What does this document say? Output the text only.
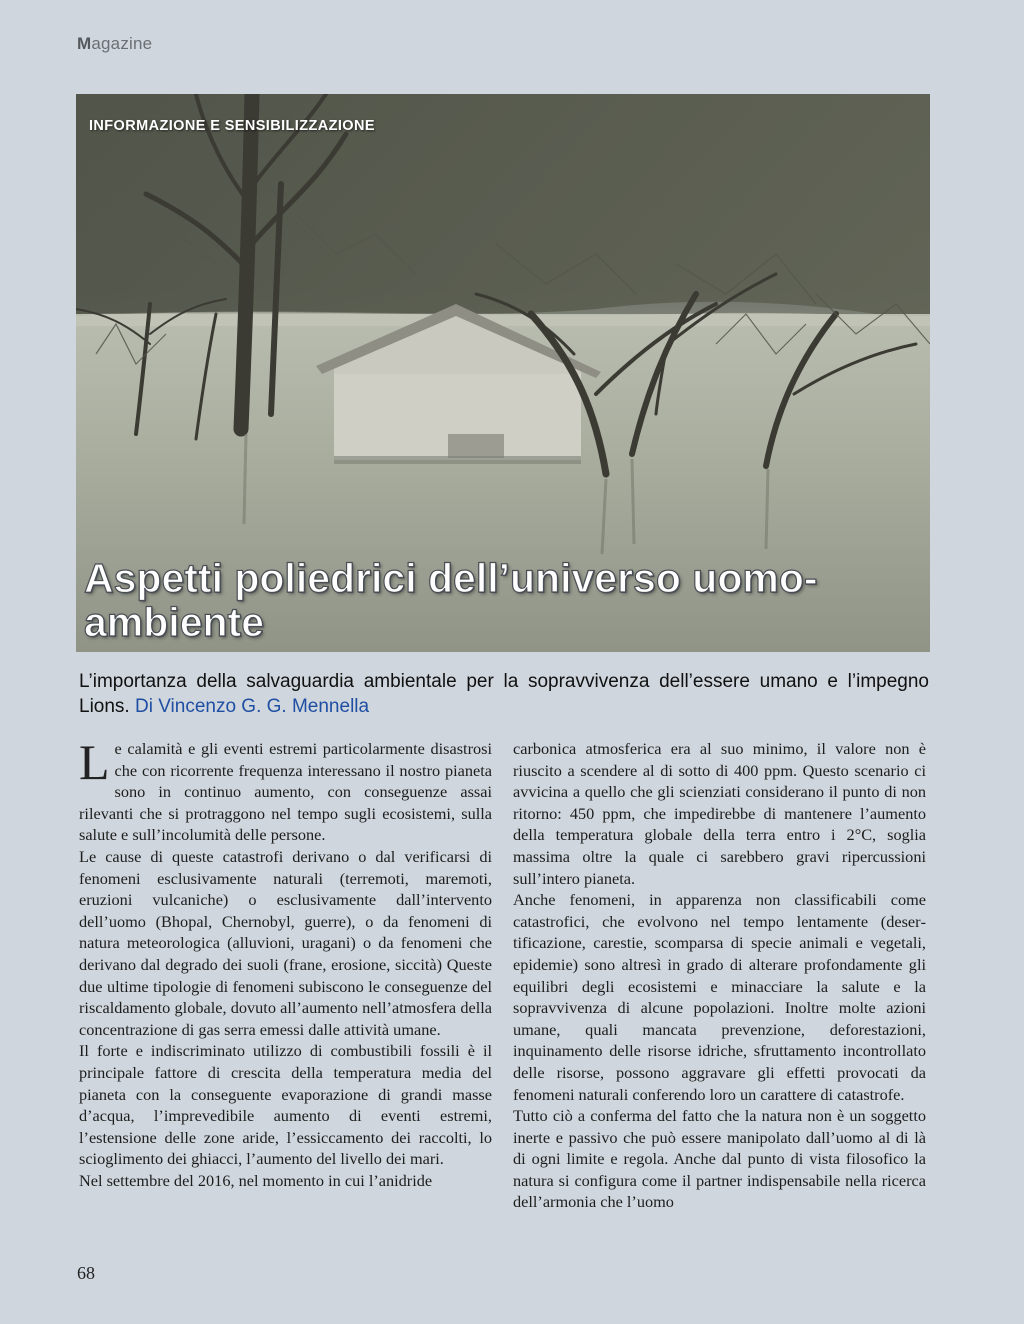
Magazine
INFORMAZIONE E SENSIBILIZZAZIONE
Aspetti poliedrici dell’universo uomo-ambiente
L’importanza della salvaguardia ambientale per la sopravvivenza dell’essere umano e l’impegno Lions. Di Vincenzo G. G. Mennella

Le calamità e gli eventi estremi particolarmente disastrosi che con ricorrente frequenza interessano il nostro pianeta sono in continuo aumento, con conseguenze assai rilevanti che si protraggono nel tempo sugli ecosistemi, sulla salute e sull’incolumità delle persone.

Le cause di queste catastrofi derivano o dal verificarsi di fenomeni esclusivamente naturali (terremoti, maremoti, eruzioni vulcaniche) o esclusivamente dall’intervento dell’uomo (Bhopal, Chernobyl, guerre), o da fenomeni di natura meteorologica (alluvioni, uragani) o da fenomeni che derivano dal degrado dei suoli (frane, erosione, siccità) Queste due ultime tipologie di fenomeni subiscono le conseguenze del riscaldamento globale, dovuto all’aumento nell’atmosfera della concentrazione di gas serra emessi dalle attività umane.

Il forte e indiscriminato utilizzo di combustibili fossili è il principale fattore di crescita della temperatura media del pianeta con la conseguente evaporazione di grandi masse d’acqua, l’imprevedibile aumento di eventi estremi, l’estensione delle zone aride, l’essiccamento dei raccolti, lo scioglimento dei ghiacci, l’aumento del livello dei mari.

Nel settembre del 2016, nel momento in cui l’anidride

carbonica atmosferica era al suo minimo, il valore non è riuscito a scendere al di sotto di 400 ppm. Questo scenario ci avvicina a quello che gli scienziati considerano il punto di non ritorno: 450 ppm, che impedirebbe di mantenere l’aumento della temperatura globale della terra entro i 2°C, soglia massima oltre la quale ci sarebbero gravi ripercussioni sull’intero pianeta.

Anche fenomeni, in apparenza non classificabili come catastrofici, che evolvono nel tempo lentamente (desertificazione, carestie, scomparsa di specie animali e vegetali, epidemie) sono altresì in grado di alterare profondamente gli equilibri degli ecosistemi e minacciare la salute e la sopravvivenza di alcune popolazioni. Inoltre molte azioni umane, quali mancata prevenzione, deforestazioni, inquinamento delle risorse idriche, sfruttamento incontrollato delle risorse, possono aggravare gli effetti provocati da fenomeni naturali conferendo loro un carattere di catastrofe.

Tutto ciò a conferma del fatto che la natura non è un soggetto inerte e passivo che può essere manipolato dall’uomo al di là di ogni limite e regola. Anche dal punto di vista filosofico la natura si configura come il partner indispensabile nella ricerca dell’armonia che l’uomo

68
